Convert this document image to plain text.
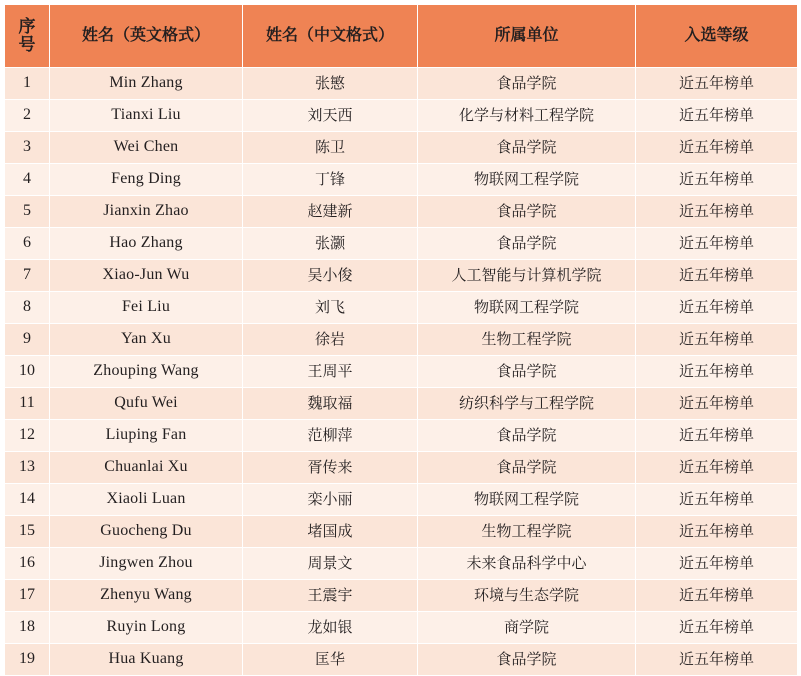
序号	姓名（英文格式）	姓名（中文格式）	所属单位	入选等级
1	Min Zhang	张慜	食品学院	近五年榜单
2	Tianxi Liu	刘天西	化学与材料工程学院	近五年榜单
3	Wei Chen	陈卫	食品学院	近五年榜单
4	Feng Ding	丁锋	物联网工程学院	近五年榜单
5	Jianxin Zhao	赵建新	食品学院	近五年榜单
6	Hao Zhang	张灏	食品学院	近五年榜单
7	Xiao-Jun Wu	吴小俊	人工智能与计算机学院	近五年榜单
8	Fei Liu	刘飞	物联网工程学院	近五年榜单
9	Yan Xu	徐岩	生物工程学院	近五年榜单
10	Zhouping Wang	王周平	食品学院	近五年榜单
11	Qufu Wei	魏取福	纺织科学与工程学院	近五年榜单
12	Liuping Fan	范柳萍	食品学院	近五年榜单
13	Chuanlai Xu	胥传来	食品学院	近五年榜单
14	Xiaoli Luan	栾小丽	物联网工程学院	近五年榜单
15	Guocheng Du	堵国成	生物工程学院	近五年榜单
16	Jingwen Zhou	周景文	未来食品科学中心	近五年榜单
17	Zhenyu Wang	王震宇	环境与生态学院	近五年榜单
18	Ruyin Long	龙如银	商学院	近五年榜单
19	Hua Kuang	匡华	食品学院	近五年榜单
